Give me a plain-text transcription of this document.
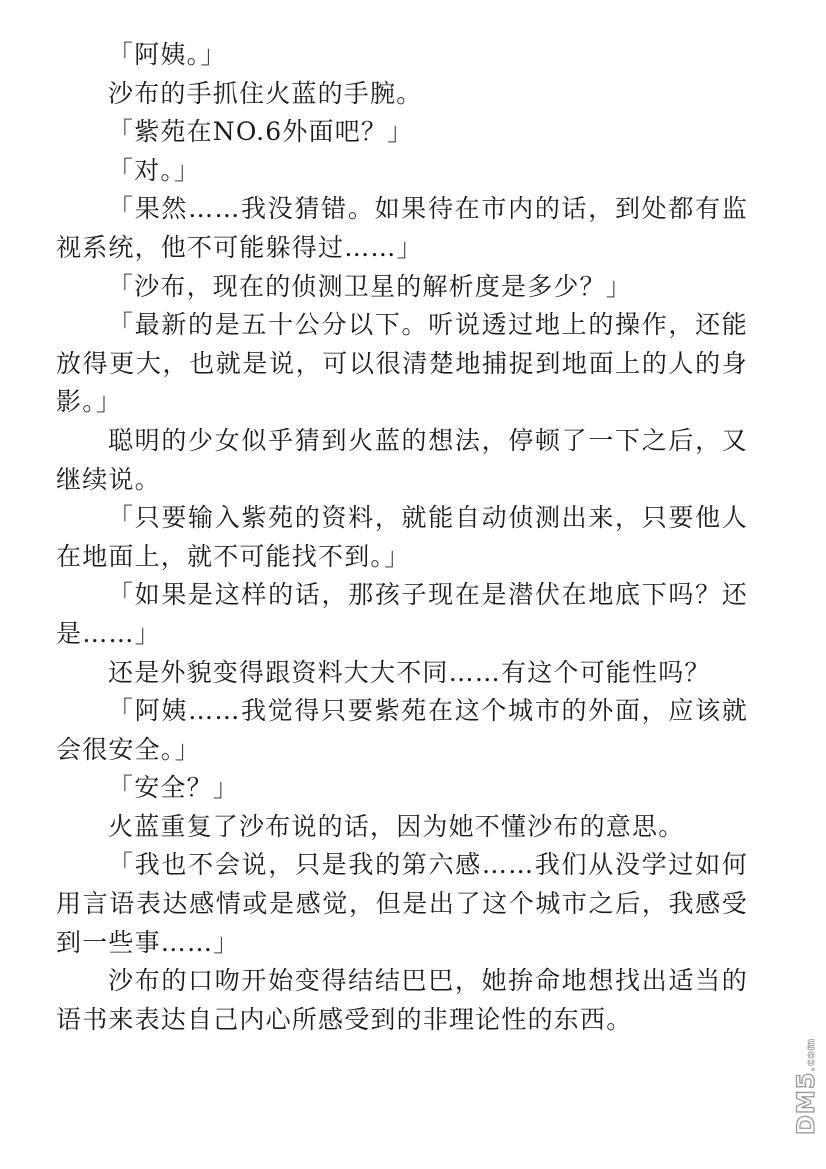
「阿姨。」

沙布的手抓住火蓝的手腕。

「紫苑在NO.6外面吧？」

「对。」

「果然……我没猜错。如果待在市内的话，到处都有监视系统，他不可能躲得过……」

「沙布，现在的侦测卫星的解析度是多少？」

「最新的是五十公分以下。听说透过地上的操作，还能放得更大，也就是说，可以很清楚地捕捉到地面上的人的身影。」

聪明的少女似乎猜到火蓝的想法，停顿了一下之后，又继续说。

「只要输入紫苑的资料，就能自动侦测出来，只要他人在地面上，就不可能找不到。」

「如果是这样的话，那孩子现在是潜伏在地底下吗？还是……」

还是外貌变得跟资料大大不同……有这个可能性吗？

「阿姨……我觉得只要紫苑在这个城市的外面，应该就会很安全。」

「安全？」

火蓝重复了沙布说的话，因为她不懂沙布的意思。

「我也不会说，只是我的第六感……我们从没学过如何用言语表达感情或是感觉，但是出了这个城市之后，我感受到一些事……」

沙布的口吻开始变得结结巴巴，她拚命地想找出适当的语书来表达自己内心所感受到的非理论性的东西。

DM5.com
